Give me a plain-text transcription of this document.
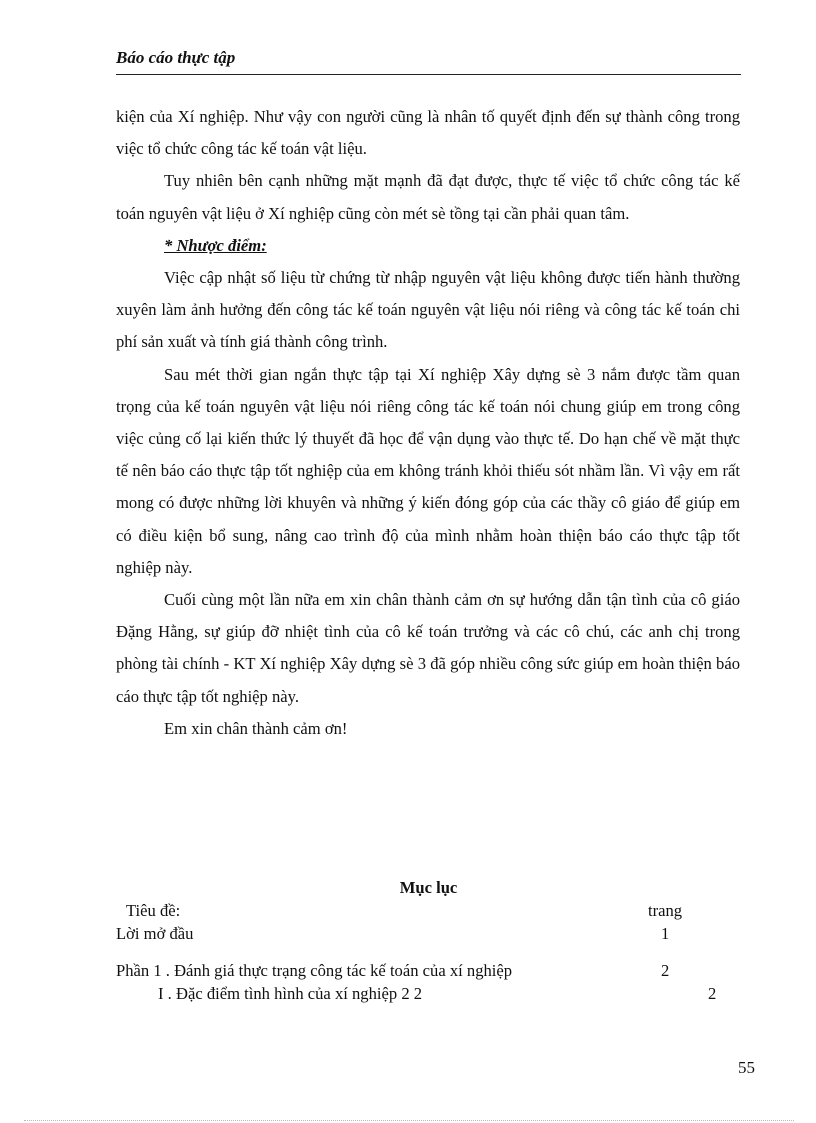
Báo cáo thực tập

kiện của Xí nghiệp. Như vậy con người cũng là nhân tố quyết định đến sự thành công trong việc tổ chức công tác kế toán vật liệu.

Tuy nhiên bên cạnh những mặt mạnh đã đạt được, thực tế việc tổ chức công tác kế toán nguyên vật liệu ở Xí nghiệp cũng còn mét sè tồng tại cần phải quan tâm.

* Nhược điểm:

Việc cập nhật số liệu từ chứng từ nhập nguyên vật liệu không được tiến hành thường xuyên làm ảnh hưởng đến công tác kế toán nguyên vật liệu nói riêng và công tác kế toán chi phí sản xuất và tính giá thành công trình.

Sau mét thời gian ngắn thực tập tại Xí nghiệp Xây dựng sè 3 nắm được tầm quan trọng của kế toán nguyên vật liệu nói riêng công tác kế toán nói chung giúp em trong công việc củng cố lại kiến thức lý thuyết đã học để vận dụng vào thực tế. Do hạn chế về mặt thực tế nên báo cáo thực tập tốt nghiệp của em không tránh khỏi thiếu sót nhầm lần. Vì vậy em rất mong có được những lời khuyên và những ý kiến đóng góp của các thầy cô giáo để giúp em có điều kiện bổ sung, nâng cao trình độ của mình nhằm hoàn thiện báo cáo thực tập tốt nghiệp này.

Cuối cùng một lần nữa em xin chân thành cảm ơn sự hướng dẫn tận tình của cô giáo Đặng Hằng, sự giúp đỡ nhiệt tình của cô kế toán trưởng và các cô chú, các anh chị trong phòng tài chính - KT Xí nghiệp Xây dựng sè 3 đã góp nhiều công sức giúp em hoàn thiện báo cáo thực tập tốt nghiệp này.

Em xin chân thành cảm ơn!

Mục lục
Tiêu đề:	trang
Lời mở đầu	1
Phần 1 . Đánh giá thực trạng công tác kế toán của xí nghiệp	2
I . Đặc điểm tình hình của xí nghiệp 2 2	2
55
